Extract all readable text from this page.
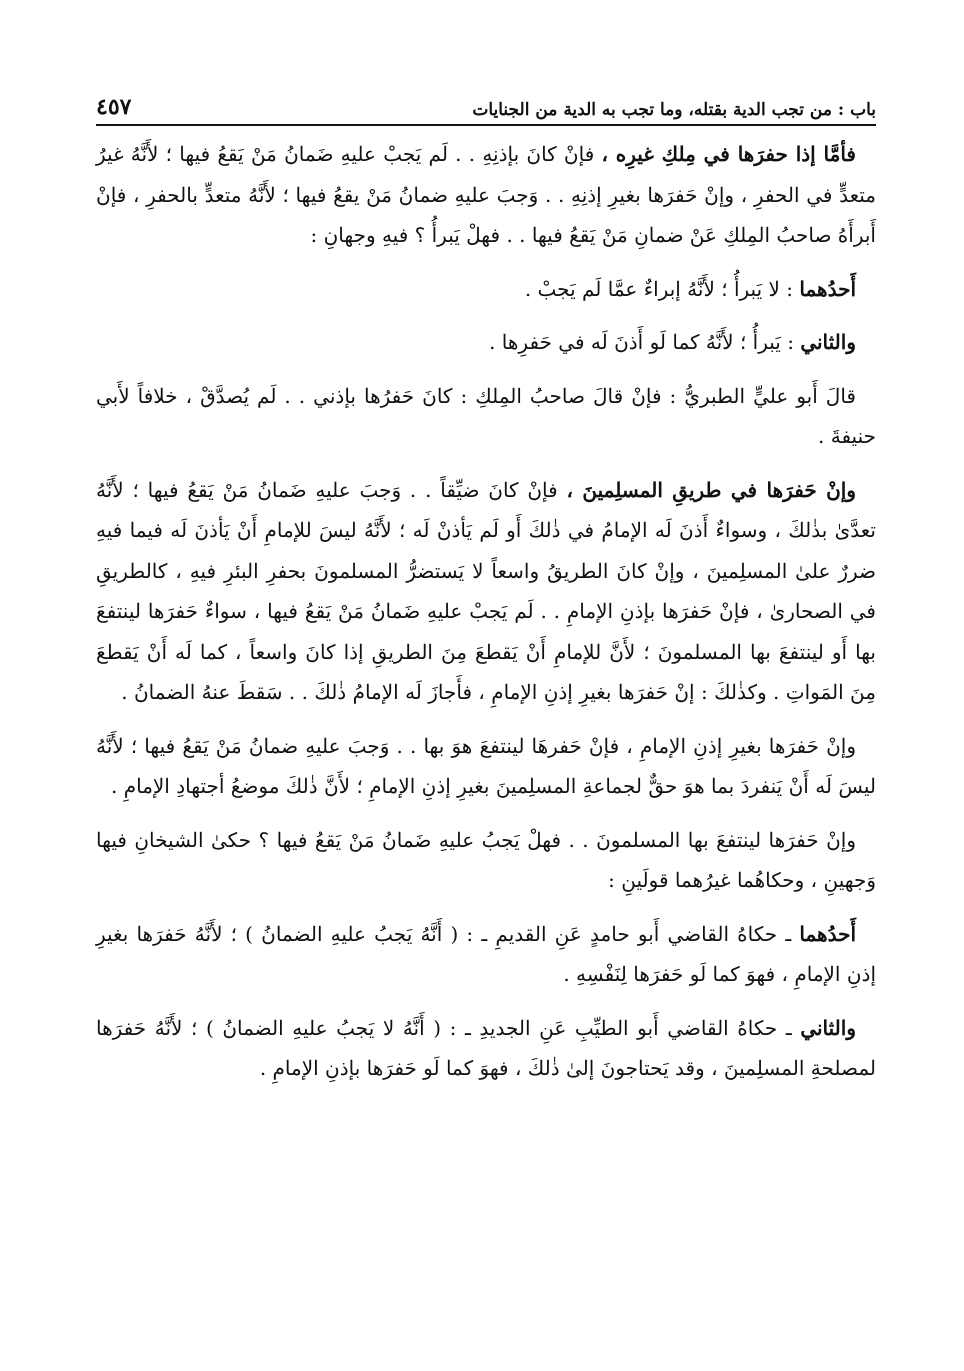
باب : من تجب الدية بقتله، وما تجب به الدية من الجنايات
٤٥٧

فأمَّا إذا حفرَها في مِلكِ غيرِه ، فإنْ كانَ بإذنِهِ . . لَم يَجبْ عليهِ ضَمانُ مَنْ يَقعُ فيها ؛ لأَنَّهُ غيرُ متعدٍّ في الحفرِ ، وإنْ حَفرَها بغيرِ إذنِهِ . . وَجبَ عليهِ ضمانُ مَنْ يقعُ فيها ؛ لأَنَّهُ متعدٍّ بالحفرِ ، فإنْ أَبرأَهُ صاحبُ المِلكِ عَنْ ضمانِ مَنْ يَقعُ فيها . . فهلْ يَبرأُ ؟ فيهِ وجهانِ :

أَحدُهما : لا يَبرأُ ؛ لأَنَّهُ إبراءٌ عمَّا لَم يَجبْ .

والثاني : يَبرأُ ؛ لأَنَّهُ كما لَو أَذنَ لَه في حَفرِها .

قالَ أَبو عليٍّ الطبريُّ : فإنْ قالَ صاحبُ المِلكِ : كانَ حَفرُها بإذني . . لَم يُصدَّقْ ، خلافاً لأَبي حنيفةَ .

وإنْ حَفرَها في طريقِ المسلِمينَ ، فإنْ كانَ ضيِّقاً . . وَجبَ عليهِ ضَمانُ مَنْ يَقعُ فيها ؛ لأَنَّهُ تعدَّىٰ بذٰلكَ ، وسواءٌ أَذنَ لَه الإمامُ في ذٰلكَ أَو لَم يَأذنْ لَه ؛ لأَنَّهُ ليسَ للإمامِ أَنْ يَأذنَ لَه فيما فيهِ ضررٌ علىٰ المسلِمينَ ، وإنْ كانَ الطريقُ واسعاً لا يَستضرُّ المسلمونَ بحفرِ البئرِ فيهِ ، كالطريقِ في الصحارىٰ ، فإنْ حَفرَها بإذنِ الإمامِ . . لَم يَجبْ عليهِ ضَمانُ مَنْ يَقعُ فيها ، سواءٌ حَفرَها لينتفعَ بها أَو لينتفعَ بها المسلمونَ ؛ لأَنَّ للإمامِ أَنْ يَقطعَ مِنَ الطريقِ إذا كانَ واسعاً ، كما لَه أَنْ يَقطعَ مِنَ المَواتِ . وكذٰلكَ : إنْ حَفرَها بغيرِ إذنِ الإمامِ ، فأَجازَ لَه الإمامُ ذٰلكَ . . سَقطَ عنهُ الضمانُ .

وإنْ حَفرَها بغيرِ إذنِ الإمامِ ، فإنْ حَفرهَا لينتفعَ هوَ بها . . وَجبَ عليهِ ضمانُ مَنْ يَقعُ فيها ؛ لأَنَّهُ ليسَ لَه أَنْ يَنفردَ بما هوَ حقٌّ لجماعةِ المسلِمينَ بغيرِ إذنِ الإمامِ ؛ لأَنَّ ذٰلكَ موضعُ أجتهادِ الإمامِ .

وإنْ حَفرَها لينتفعَ بها المسلمونَ . . فهلْ يَجبُ عليهِ ضَمانُ مَنْ يَقعُ فيها ؟ حكىٰ الشيخانِ فيها وَجهينِ ، وحكاهُما غيرُهما قولَينِ :

أَحدُهما ـ حكاهُ القاضي أَبو حامدٍ عَنِ القديمِ ـ : ( أَنَّهُ يَجبُ عليهِ الضمانُ ) ؛ لأَنَّهُ حَفرَها بغيرِ إذنِ الإمامِ ، فهوَ كما لَو حَفرَها لِنَفْسِهِ .

والثاني ـ حكاهُ القاضي أَبو الطيِّبِ عَنِ الجديدِ ـ : ( أَنَّهُ لا يَجبُ عليهِ الضمانُ ) ؛ لأَنَّهُ حَفرَها لمصلحةِ المسلِمينَ ، وقد يَحتاجونَ إلىٰ ذٰلكَ ، فهوَ كما لَو حَفرَها بإذنِ الإمامِ .
